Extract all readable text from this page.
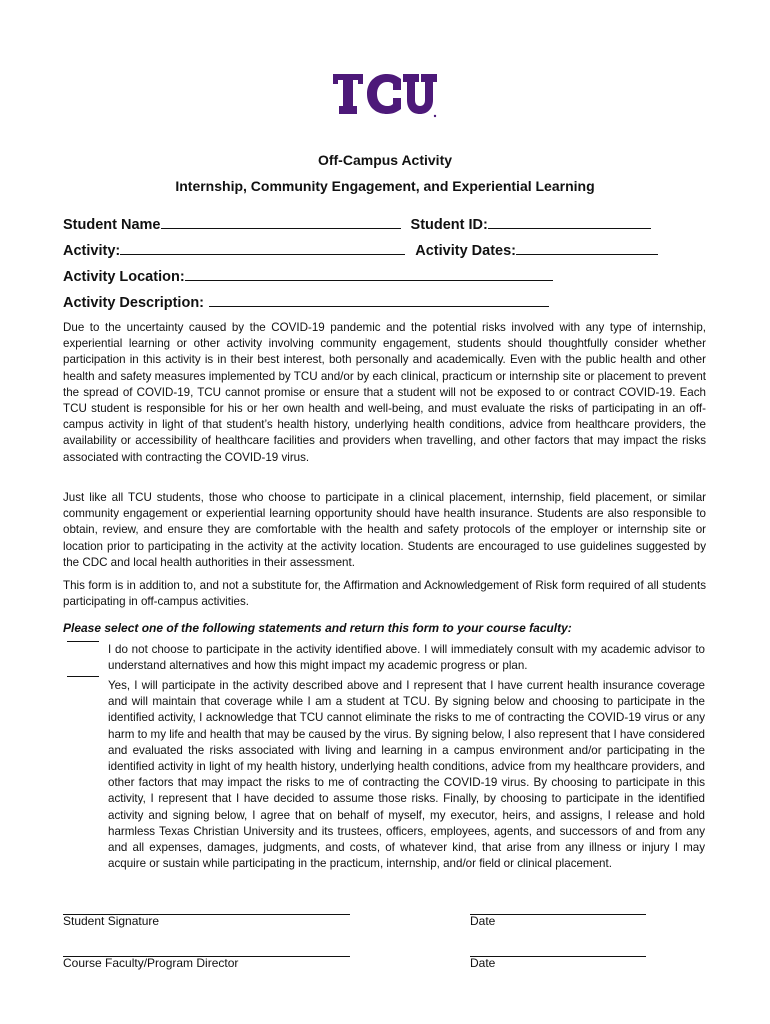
Off-Campus Activity
Internship, Community Engagement, and Experiential Learning
Student Name	Student ID:
Activity:	Activity Dates:
Activity Location:
Activity Description:

Due to the uncertainty caused by the COVID-19 pandemic and the potential risks involved with any type of internship, experiential learning or other activity involving community engagement, students should thoughtfully consider whether participation in this activity is in their best interest, both personally and academically. Even with the public health and other health and safety measures implemented by TCU and/or by each clinical, practicum or internship site or placement to prevent the spread of COVID-19, TCU cannot promise or ensure that a student will not be exposed to or contract COVID-19. Each TCU student is responsible for his or her own health and well-being, and must evaluate the risks of participating in an off-campus activity in light of that student’s health history, underlying health conditions, advice from healthcare providers, the availability or accessibility of healthcare facilities and providers when travelling, and other factors that may impact the risks associated with contracting the COVID-19 virus.

Just like all TCU students, those who choose to participate in a clinical placement, internship, field placement, or similar community engagement or experiential learning opportunity should have health insurance. Students are also responsible to obtain, review, and ensure they are comfortable with the health and safety protocols of the employer or internship site or location prior to participating in the activity at the activity location. Students are encouraged to use guidelines suggested by the CDC and local health authorities in their assessment.

This form is in addition to, and not a substitute for, the Affirmation and Acknowledgement of Risk form required of all students participating in off-campus activities.

Please select one of the following statements and return this form to your course faculty:

I do not choose to participate in the activity identified above. I will immediately consult with my academic advisor to understand alternatives and how this might impact my academic progress or plan.

Yes, I will participate in the activity described above and I represent that I have current health insurance coverage and will maintain that coverage while I am a student at TCU. By signing below and choosing to participate in the identified activity, I acknowledge that TCU cannot eliminate the risks to me of contracting the COVID-19 virus or any harm to my life and health that may be caused by the virus. By signing below, I also represent that I have considered and evaluated the risks associated with living and learning in a campus environment and/or participating in the identified activity in light of my health history, underlying health conditions, advice from my healthcare providers, and other factors that may impact the risks to me of contracting the COVID-19 virus. By choosing to participate in this activity, I represent that I have decided to assume those risks. Finally, by choosing to participate in the identified activity and signing below, I agree that on behalf of myself, my executor, heirs, and assigns, I release and hold harmless Texas Christian University and its trustees, officers, employees, agents, and successors of and from any and all expenses, damages, judgments, and costs, of whatever kind, that arise from any illness or injury I may acquire or sustain while participating in the practicum, internship, and/or field or clinical placement.

Student Signature	Date
Course Faculty/Program Director	Date
